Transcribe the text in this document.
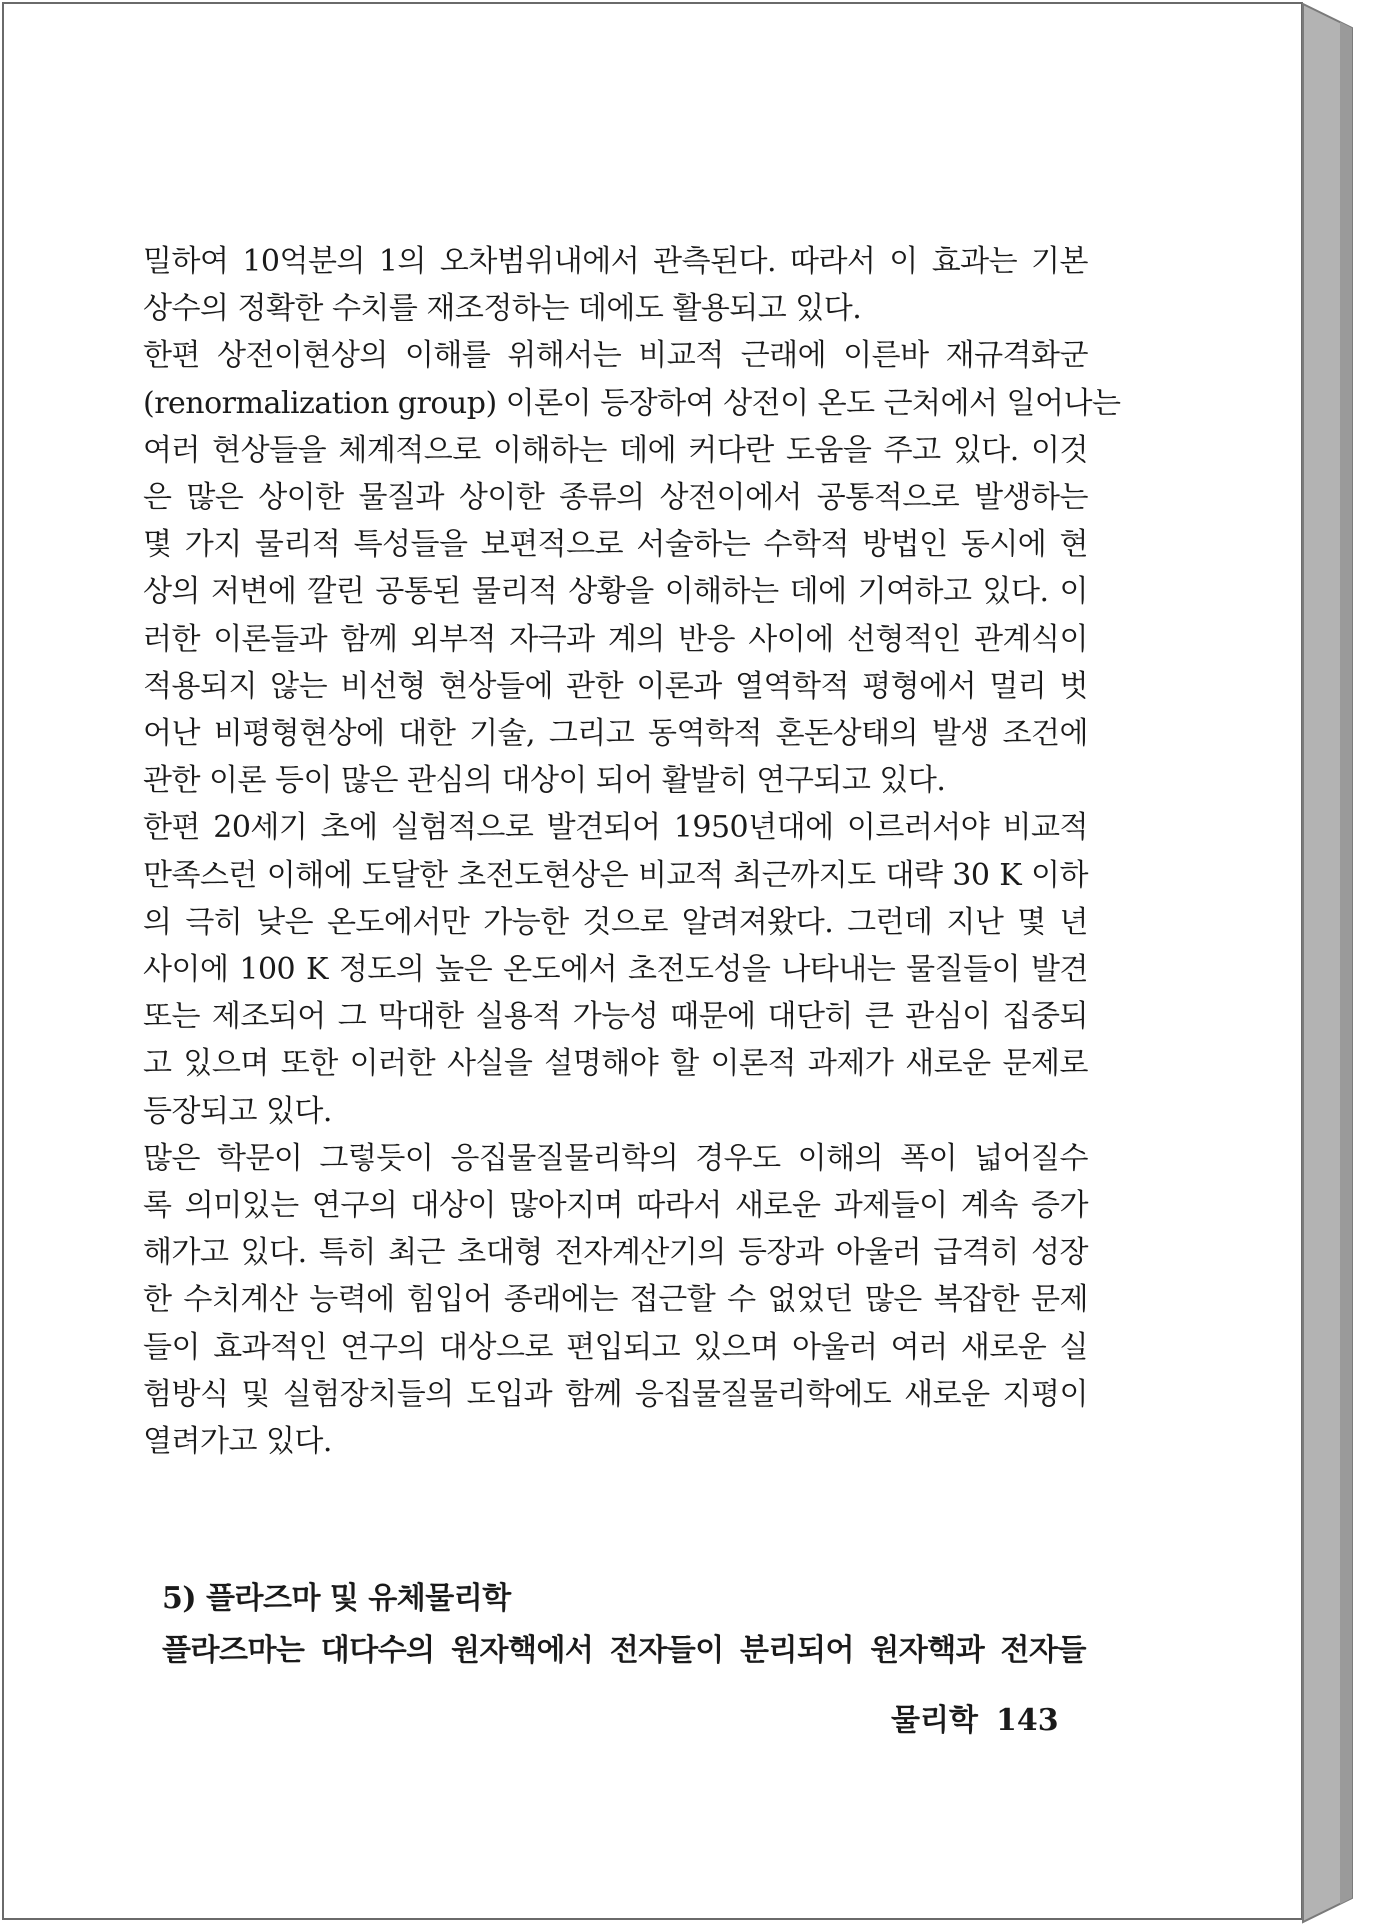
밀하여 10억분의 1의 오차범위내에서 관측된다. 따라서 이 효과는 기본
상수의 정확한 수치를 재조정하는 데에도 활용되고 있다.

한편 상전이현상의 이해를 위해서는 비교적 근래에 이른바 재규격화군
(renormalization group) 이론이 등장하여 상전이 온도 근처에서 일어나는
여러 현상들을 체계적으로 이해하는 데에 커다란 도움을 주고 있다. 이것
은 많은 상이한 물질과 상이한 종류의 상전이에서 공통적으로 발생하는
몇 가지 물리적 특성들을 보편적으로 서술하는 수학적 방법인 동시에 현
상의 저변에 깔린 공통된 물리적 상황을 이해하는 데에 기여하고 있다. 이
러한 이론들과 함께 외부적 자극과 계의 반응 사이에 선형적인 관계식이
적용되지 않는 비선형 현상들에 관한 이론과 열역학적 평형에서 멀리 벗
어난 비평형현상에 대한 기술, 그리고 동역학적 혼돈상태의 발생 조건에
관한 이론 등이 많은 관심의 대상이 되어 활발히 연구되고 있다.

한편 20세기 초에 실험적으로 발견되어 1950년대에 이르러서야 비교적
만족스런 이해에 도달한 초전도현상은 비교적 최근까지도 대략 30 K 이하
의 극히 낮은 온도에서만 가능한 것으로 알려져왔다. 그런데 지난 몇 년
사이에 100 K 정도의 높은 온도에서 초전도성을 나타내는 물질들이 발견
또는 제조되어 그 막대한 실용적 가능성 때문에 대단히 큰 관심이 집중되
고 있으며 또한 이러한 사실을 설명해야 할 이론적 과제가 새로운 문제로
등장되고 있다.

많은 학문이 그렇듯이 응집물질물리학의 경우도 이해의 폭이 넓어질수
록 의미있는 연구의 대상이 많아지며 따라서 새로운 과제들이 계속 증가
해가고 있다. 특히 최근 초대형 전자계산기의 등장과 아울러 급격히 성장
한 수치계산 능력에 힘입어 종래에는 접근할 수 없었던 많은 복잡한 문제
들이 효과적인 연구의 대상으로 편입되고 있으며 아울러 여러 새로운 실
험방식 및 실험장치들의 도입과 함께 응집물질물리학에도 새로운 지평이
열려가고 있다.

5) 플라즈마 및 유체물리학
플라즈마는 대다수의 원자핵에서 전자들이 분리되어 원자핵과 전자들
물리학 143
